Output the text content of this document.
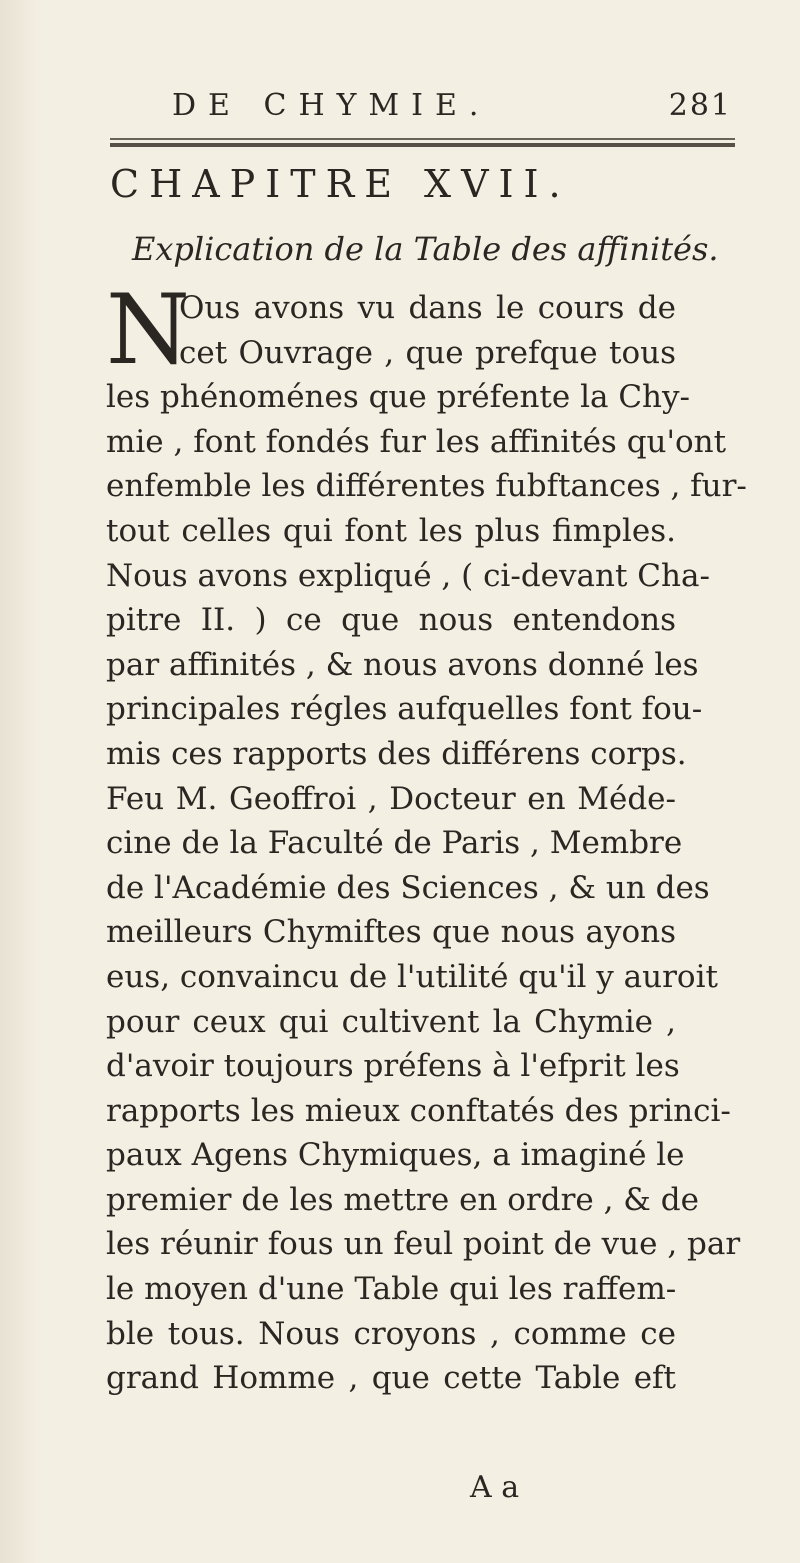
DE CHYMIE.	281
CHAPITRE XVII.
Explication de la Table des affinités.
N
Ous avons vu dans le cours de
cet Ouvrage , que prefque tous
les phénoménes que préfente la Chy-
mie , font fondés fur les affinités qu'ont
enfemble les différentes fubftances , fur-
tout celles qui font les plus fimples.
Nous avons expliqué , ( ci-devant Cha-
pitre II. ) ce que nous entendons
par affinités , & nous avons donné les
principales régles aufquelles font fou-
mis ces rapports des différens corps.
Feu M. Geoffroi , Docteur en Méde-
cine de la Faculté de Paris , Membre
de l'Académie des Sciences , & un des
meilleurs Chymiftes que nous ayons
eus, convaincu de l'utilité qu'il y auroit
pour ceux qui cultivent la Chymie ,
d'avoir toujours préfens à l'efprit les
rapports les mieux conftatés des princi-
paux Agens Chymiques, a imaginé le
premier de les mettre en ordre , & de
les réunir fous un feul point de vue , par
le moyen d'une Table qui les raffem-
ble tous. Nous croyons , comme ce
grand Homme , que cette Table eft
A a
